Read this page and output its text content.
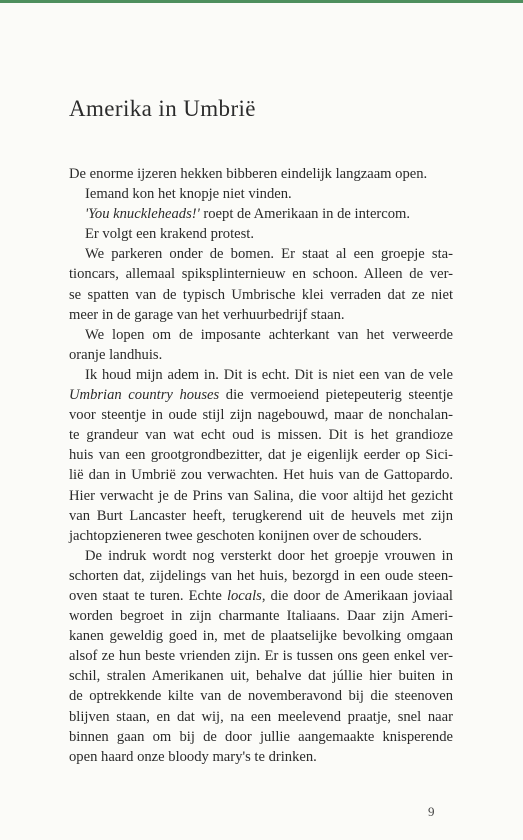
Amerika in Umbrië
De enorme ijzeren hekken bibberen eindelijk langzaam open.
Iemand kon het knopje niet vinden.
'You knuckleheads!' roept de Amerikaan in de intercom.
Er volgt een krakend protest.
We parkeren onder de bomen. Er staat al een groepje sta-
tioncars, allemaal spiksplinternieuw en schoon. Alleen de ver-
se spatten van de typisch Umbrische klei verraden dat ze niet
meer in de garage van het verhuurbedrijf staan.
We lopen om de imposante achterkant van het verweerde
oranje landhuis.
Ik houd mijn adem in. Dit is echt. Dit is niet een van de vele
Umbrian country houses die vermoeiend pietepeuterig steentje
voor steentje in oude stijl zijn nagebouwd, maar de nonchalan-
te grandeur van wat echt oud is missen. Dit is het grandioze
huis van een grootgrondbezitter, dat je eigenlijk eerder op Sici-
lië dan in Umbrië zou verwachten. Het huis van de Gattopardo.
Hier verwacht je de Prins van Salina, die voor altijd het gezicht
van Burt Lancaster heeft, terugkerend uit de heuvels met zijn
jachtopzieneren twee geschoten konijnen over de schouders.
De indruk wordt nog versterkt door het groepje vrouwen in
schorten dat, zijdelings van het huis, bezorgd in een oude steen-
oven staat te turen. Echte locals, die door de Amerikaan joviaal
worden begroet in zijn charmante Italiaans. Daar zijn Ameri-
kanen geweldig goed in, met de plaatselijke bevolking omgaan
alsof ze hun beste vrienden zijn. Er is tussen ons geen enkel ver-
schil, stralen Amerikanen uit, behalve dat júllie hier buiten in
de optrekkende kilte van de novemberavond bij die steenoven
blijven staan, en dat wij, na een meelevend praatje, snel naar
binnen gaan om bij de door jullie aangemaakte knisperende
open haard onze bloody mary's te drinken.
9
